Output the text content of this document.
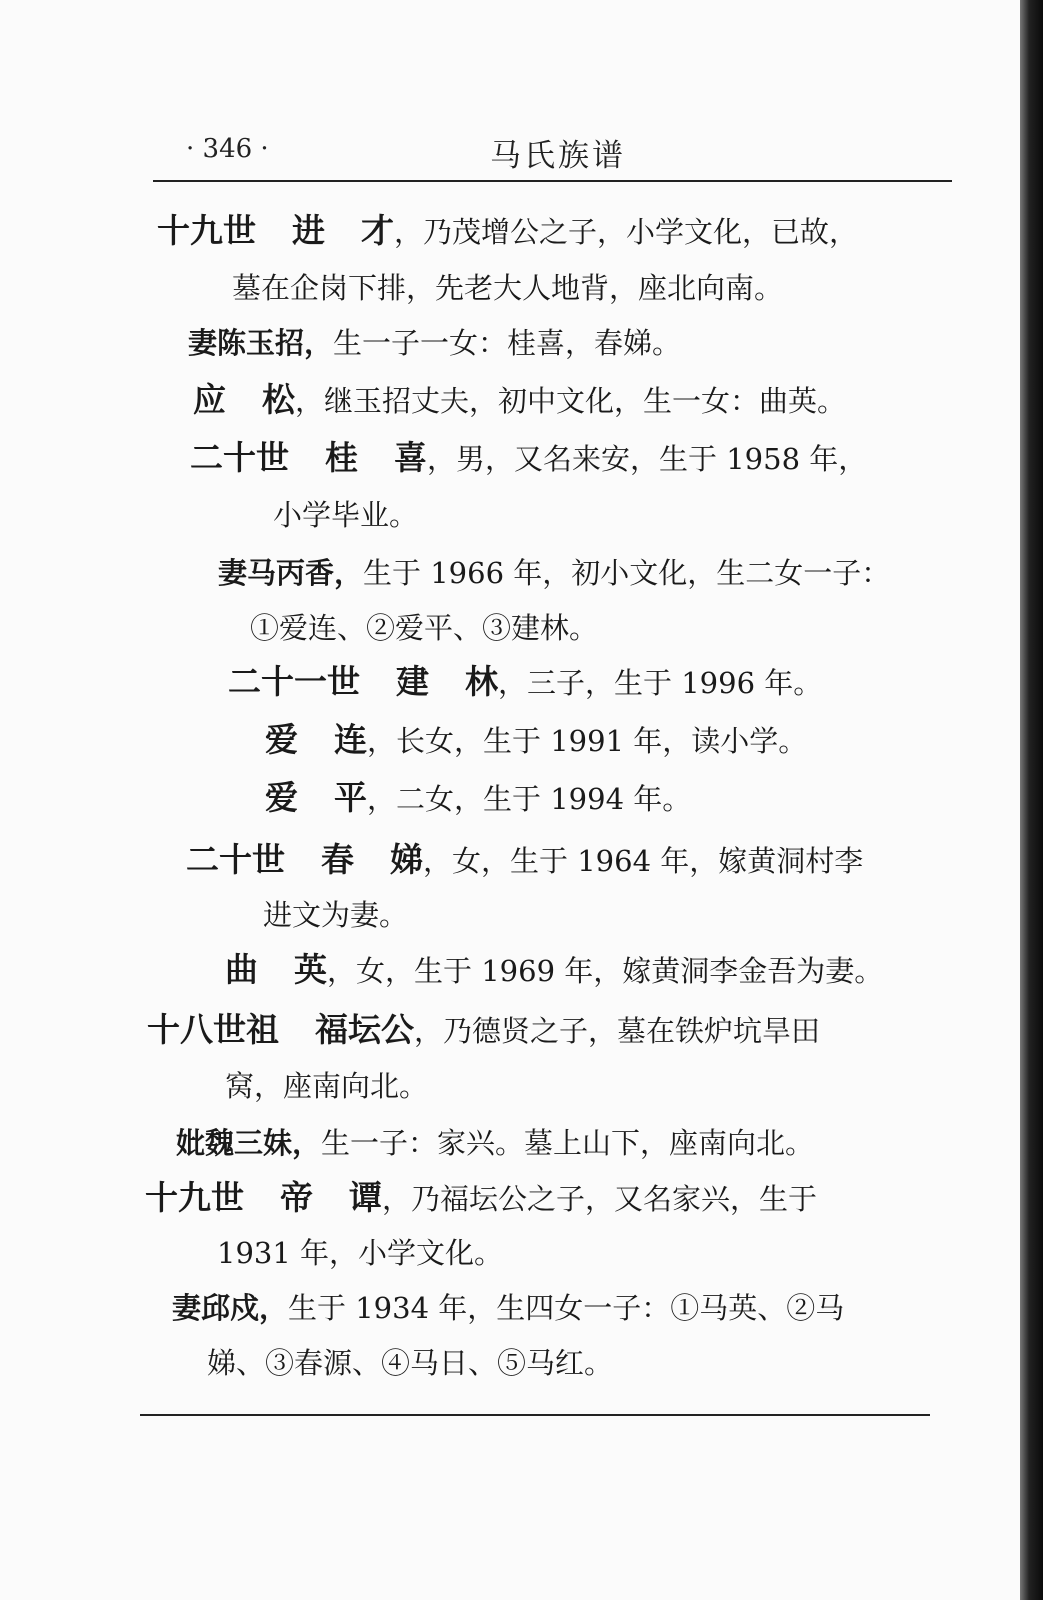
· 346 ·	马氏族谱
十九世 进 才，乃茂增公之子，小学文化，已故，
墓在企岗下排，先老大人地背，座北向南。
妻陈玉招，生一子一女：桂喜，春娣。
应 松，继玉招丈夫，初中文化，生一女：曲英。
二十世 桂 喜，男，又名来安，生于 1958 年，
小学毕业。
妻马丙香，生于 1966 年，初小文化，生二女一子：
①爱连、②爱平、③建林。
二十一世 建 林，三子，生于 1996 年。
爱 连，长女，生于 1991 年，读小学。
爱 平，二女，生于 1994 年。
二十世 春 娣，女，生于 1964 年，嫁黄洞村李
进文为妻。
曲 英，女，生于 1969 年，嫁黄洞李金吾为妻。
十八世祖 福坛公，乃德贤之子，墓在铁炉坑旱田
窝，座南向北。
妣魏三妹，生一子：家兴。墓上山下，座南向北。
十九世 帝 谭，乃福坛公之子，又名家兴，生于
1931 年，小学文化。
妻邱戍，生于 1934 年，生四女一子：①马英、②马
娣、③春源、④马日、⑤马红。
